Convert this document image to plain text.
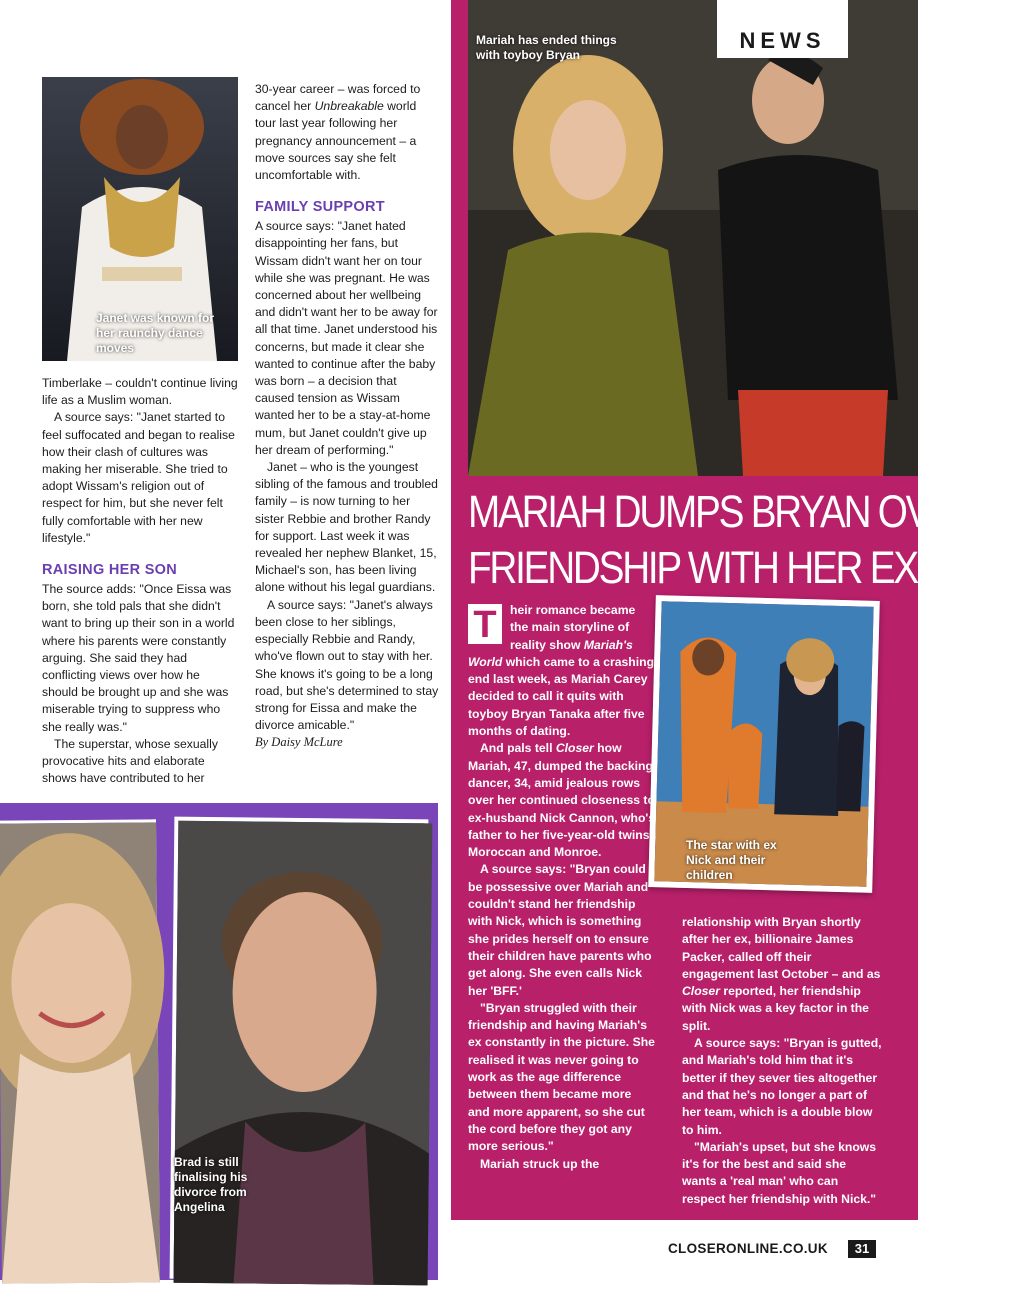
Janet was known for her raunchy dance moves

Timberlake – couldn't continue living life as a Muslim woman.

A source says: "Janet started to feel suffocated and began to realise how their clash of cultures was making her miserable. She tried to adopt Wissam's religion out of respect for him, but she never felt fully comfortable with her new lifestyle."

RAISING HER SON

The source adds: "Once Eissa was born, she told pals that she didn't want to bring up their son in a world where his parents were constantly arguing. She said they had conflicting views over how he should be brought up and she was miserable trying to suppress who she really was."

The superstar, whose sexually provocative hits and elaborate shows have contributed to her

30-year career – was forced to cancel her Unbreakable world tour last year following her pregnancy announcement – a move sources say she felt uncomfortable with.

FAMILY SUPPORT

A source says: "Janet hated disappointing her fans, but Wissam didn't want her on tour while she was pregnant. He was concerned about her wellbeing and didn't want her to be away for all that time. Janet understood his concerns, but made it clear she wanted to continue after the baby was born – a decision that caused tension as Wissam wanted her to be a stay-at-home mum, but Janet couldn't give up her dream of performing."

Janet – who is the youngest sibling of the famous and troubled family – is now turning to her sister Rebbie and brother Randy for support. Last week it was revealed her nephew Blanket, 15, Michael's son, has been living alone without his legal guardians.

A source says: "Janet's always been close to her siblings, especially Rebbie and Randy, who've flown out to stay with her. She knows it's going to be a long road, but she's determined to stay strong for Eissa and make the divorce amicable."

By Daisy McLure

Brad is still finalising his divorce from Angelina
Mariah has ended things with toyboy Bryan
NEWS
MARIAH DUMPS BRYAN OVER
FRIENDSHIP WITH HER EX NICK

T	heir romance became the main storyline of reality show Mariah's World which came to a crashing end last week, as Mariah Carey decided to call it quits with toyboy Bryan Tanaka after five months of dating.

And pals tell Closer how Mariah, 47, dumped the backing dancer, 34, amid jealous rows over her continued closeness to ex-husband Nick Cannon, who's father to her five-year-old twins, Moroccan and Monroe.

A source says: "Bryan could be possessive over Mariah and couldn't stand her friendship with Nick, which is something she prides herself on to ensure their children have parents who get along. She even calls Nick her 'BFF.'

"Bryan struggled with their friendship and having Mariah's ex constantly in the picture. She realised it was never going to work as the age difference between them became more and more apparent, so she cut the cord before they got any more serious."

Mariah struck up the

The star with ex Nick and their children

relationship with Bryan shortly after her ex, billionaire James Packer, called off their engagement last October – and as Closer reported, her friendship with Nick was a key factor in the split.

A source says: "Bryan is gutted, and Mariah's told him that it's better if they sever ties altogether and that he's no longer a part of her team, which is a double blow to him.

"Mariah's upset, but she knows it's for the best and said she wants a 'real man' who can respect her friendship with Nick."

CLOSERONLINE.CO.UK	31
